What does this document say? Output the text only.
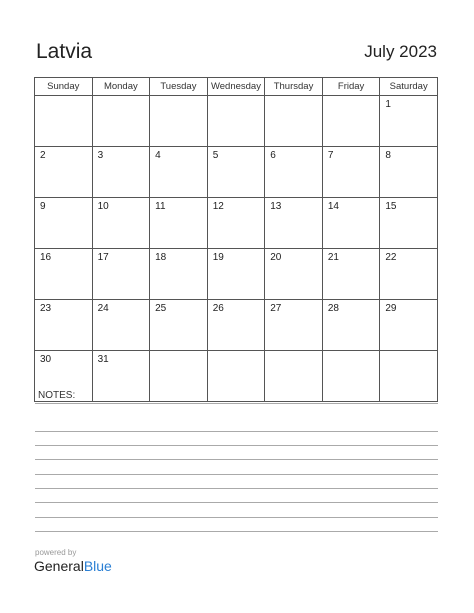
Latvia	July 2023
Sunday	Monday	Tuesday	Wednesday	Thursday	Friday	Saturday
						1
2	3	4	5	6	7	8
9	10	11	12	13	14	15
16	17	18	19	20	21	22
23	24	25	26	27	28	29
30	31					
NOTES:
powered by
GeneralBlue
